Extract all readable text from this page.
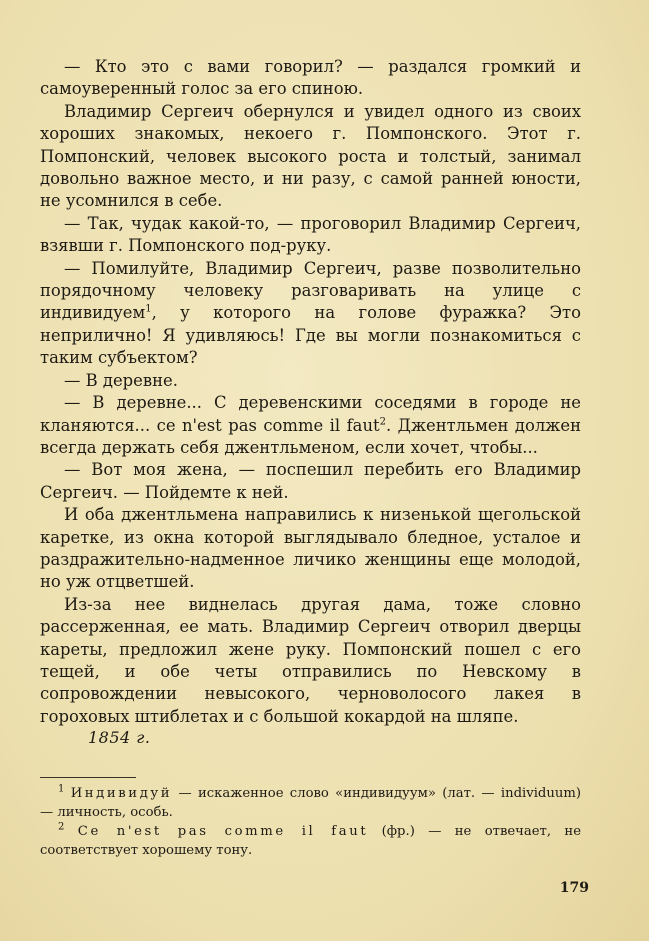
— Кто это с вами говорил? — раздался громкий и самоуверенный голос за его спиною.

Владимир Сергеич обернулся и увидел одного из своих хороших знакомых, некоего г. Помпонского. Этот г. Помпонский, человек высокого роста и толстый, занимал довольно важное место, и ни разу, с самой ранней юности, не усомнился в себе.

— Так, чудак какой-то, — проговорил Владимир Сергеич, взявши г. Помпонского под-руку.

— Помилуйте, Владимир Сергеич, разве позволительно порядочному человеку разговаривать на улице с индивидуем$^1$, у которого на голове фуражка? Это неприлично! Я удивляюсь! Где вы могли познакомиться с таким субъектом?

— В деревне.

— В деревне... С деревенскими соседями в городе не кланяются... ce n'est pas comme il faut$^2$. Джентльмен должен всегда держать себя джентльменом, если хочет, чтобы...

— Вот моя жена, — поспешил перебить его Владимир Сергеич. — Пойдемте к ней.

И оба джентльмена направились к низенькой щегольской каретке, из окна которой выглядывало бледное, усталое и раздражительно-надменное личико женщины еще молодой, но уж отцветшей.

Из-за нее виднелась другая дама, тоже словно рассерженная, ее мать. Владимир Сергеич отворил дверцы кареты, предложил жене руку. Помпонский пошел с его тещей, и обе четы отправились по Невскому в сопровождении невысокого, черноволосого лакея в гороховых штиблетах и с большой кокардой на шляпе.

1854 г.

$^1$ Индивидуй — искаженное слово «индивидуум» (лат. — individuum) — личность, особь.

$^2$ Ce n'est pas comme il faut (фр.) — не отвечает, не соответствует хорошему тону.

179
